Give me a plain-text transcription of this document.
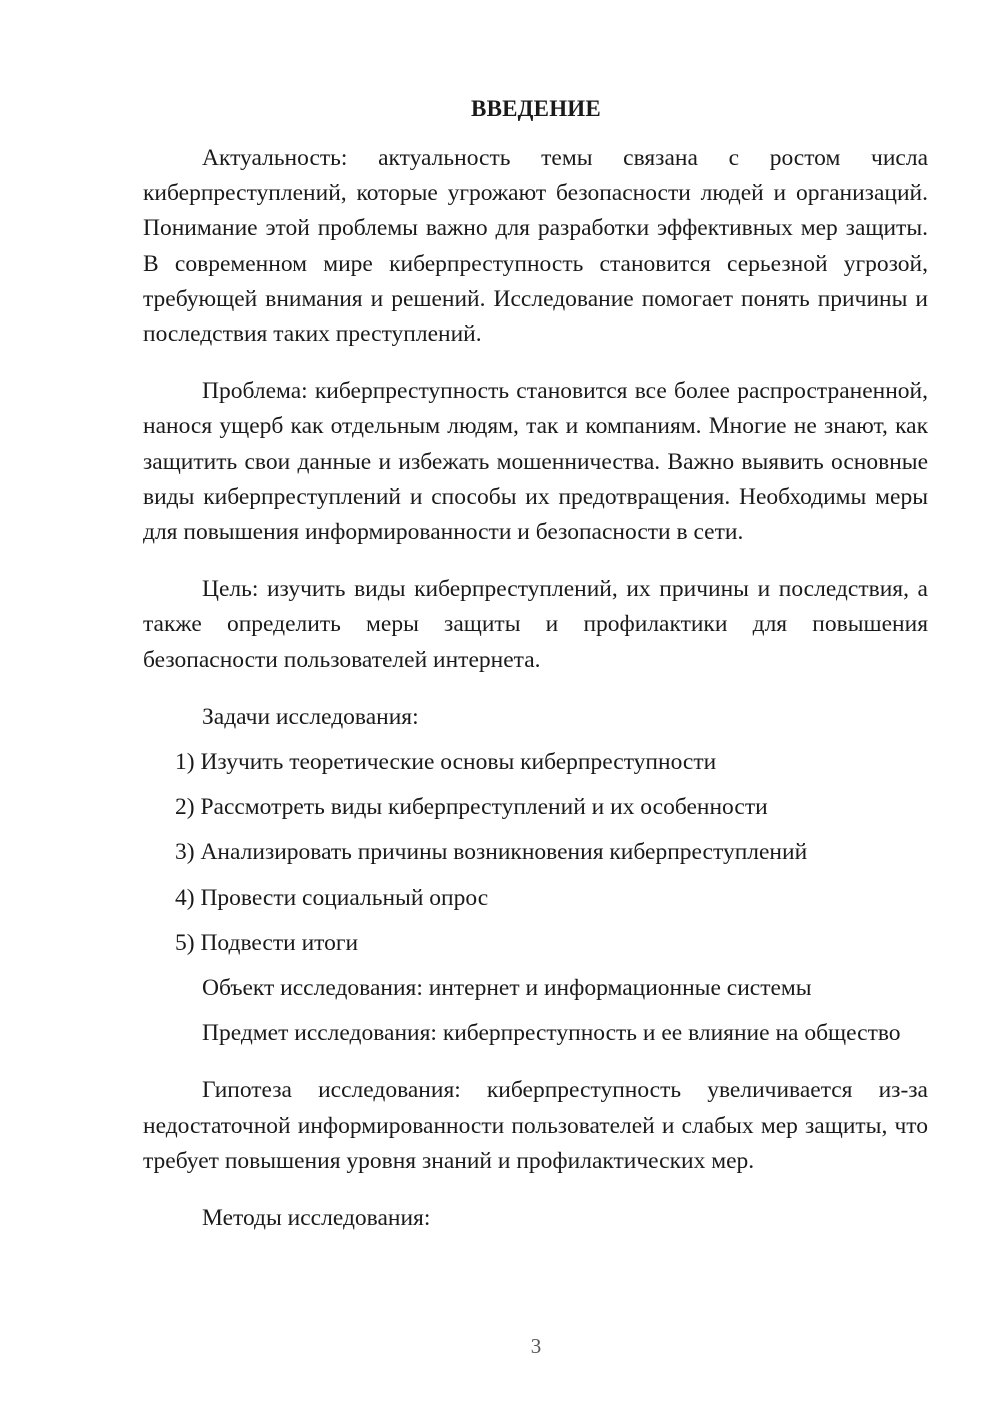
ВВЕДЕНИЕ

Актуальность: актуальность темы связана с ростом числа киберпреступлений, которые угрожают безопасности людей и организаций. Понимание этой проблемы важно для разработки эффективных мер защиты. В современном мире киберпреступность становится серьезной угрозой, требующей внимания и решений. Исследование помогает понять причины и последствия таких преступлений.

Проблема: киберпреступность становится все более распространенной, нанося ущерб как отдельным людям, так и компаниям. Многие не знают, как защитить свои данные и избежать мошенничества. Важно выявить основные виды киберпреступлений и способы их предотвращения. Необходимы меры для повышения информированности и безопасности в сети.

Цель: изучить виды киберпреступлений, их причины и последствия, а также определить меры защиты и профилактики для повышения безопасности пользователей интернета.

Задачи исследования:

1) Изучить теоретические основы киберпреступности

2) Рассмотреть виды киберпреступлений и их особенности

3) Анализировать причины возникновения киберпреступлений

4) Провести социальный опрос

5) Подвести итоги

Объект исследования: интернет и информационные системы

Предмет исследования: киберпреступность и ее влияние на общество

Гипотеза исследования: киберпреступность увеличивается из-за недостаточной информированности пользователей и слабых мер защиты, что требует повышения уровня знаний и профилактических мер.

Методы исследования:

3
